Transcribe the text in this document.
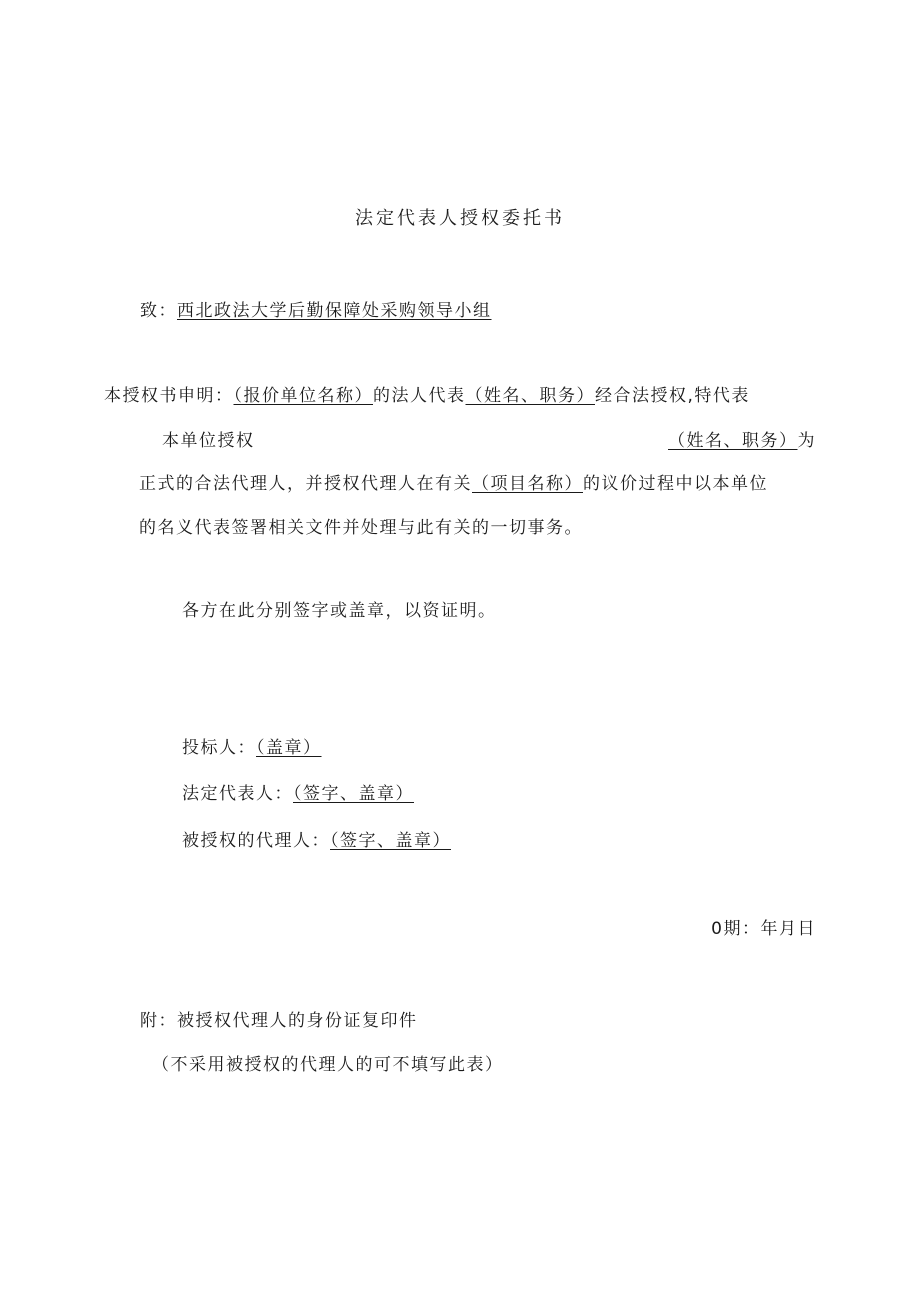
法定代表人授权委托书
致：西北政法大学后勤保障处采购领导小组
本授权书申明：（报价单位名称）的法人代表（姓名、职务）经合法授权,特代表
本单位授权	（姓名、职务）为
正式的合法代理人，并授权代理人在有关（项目名称）的议价过程中以本单位
的名义代表签署相关文件并处理与此有关的一切事务。
各方在此分别签字或盖章，以资证明。
投标人：（盖章）
法定代表人：（签字、盖章）
被授权的代理人：（签字、盖章）
0期：年月日
附：被授权代理人的身份证复印件
（不采用被授权的代理人的可不填写此表）
